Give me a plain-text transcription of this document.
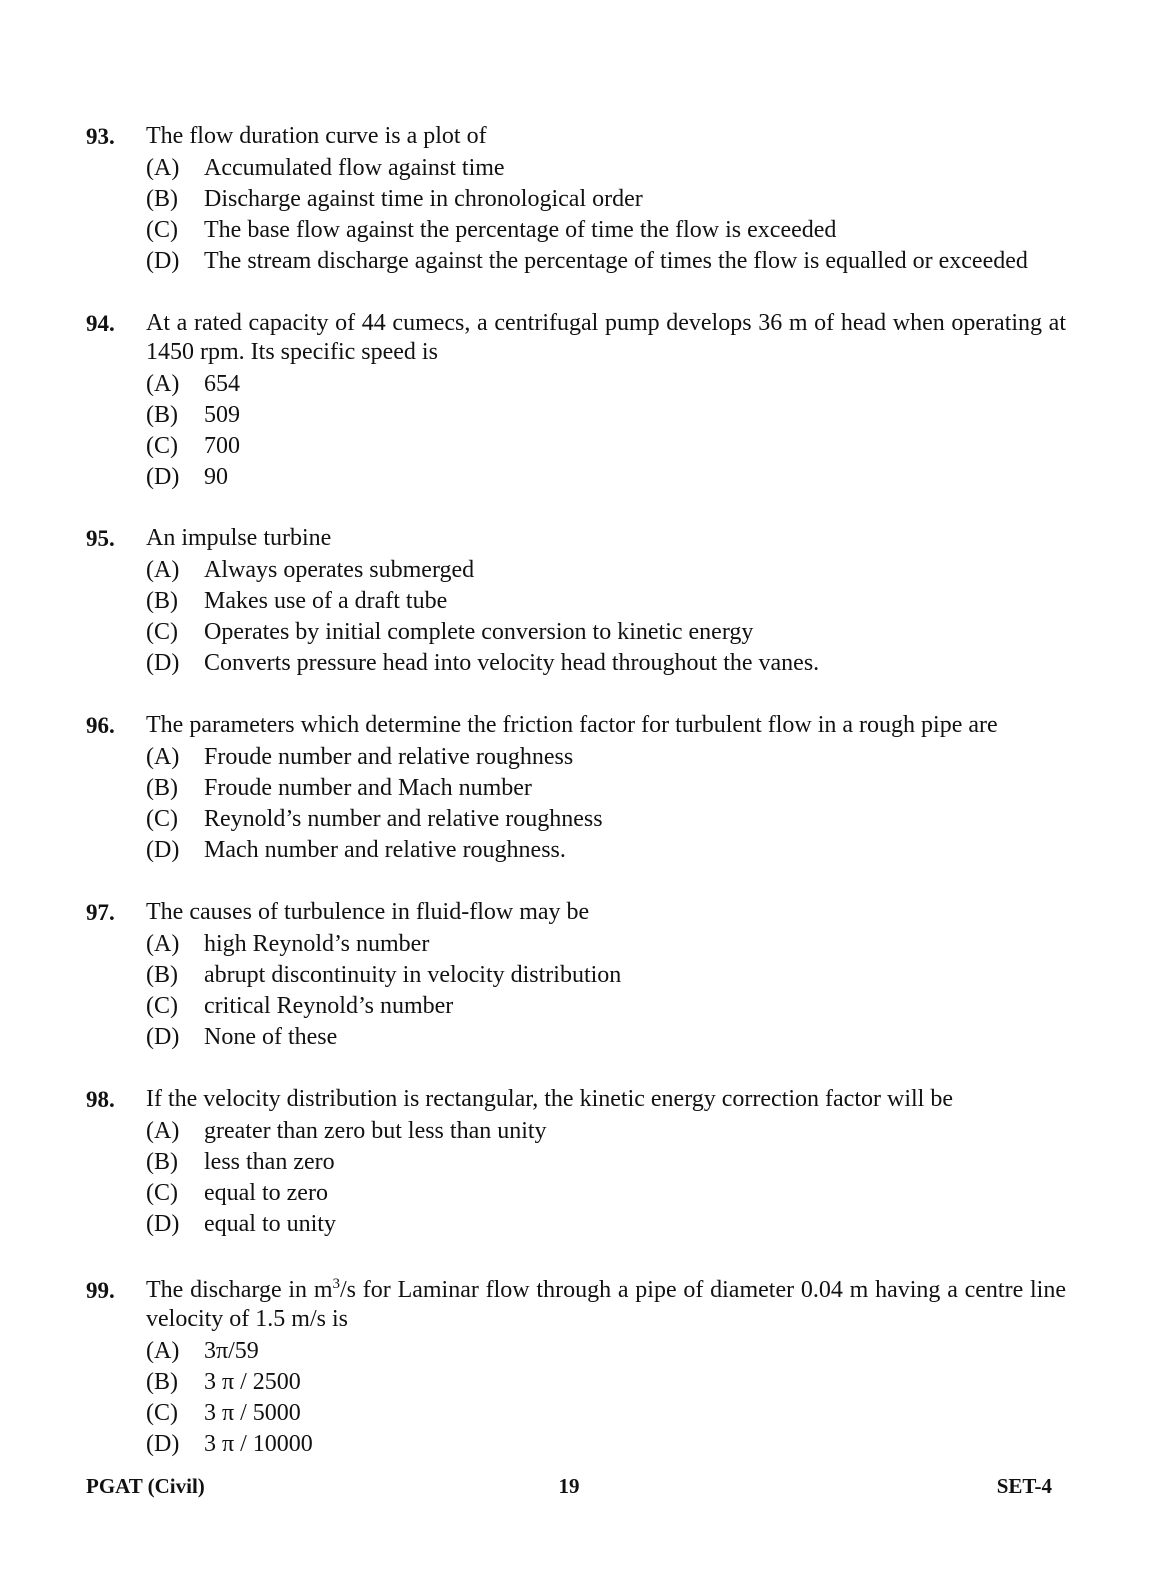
93. The flow duration curve is a plot of
(A) Accumulated flow against time
(B) Discharge against time in chronological order
(C) The base flow against the percentage of time the flow is exceeded
(D) The stream discharge against the percentage of times the flow is equalled or exceeded
94. At a rated capacity of 44 cumecs, a centrifugal pump develops 36 m of head when operating at 1450 rpm. Its specific speed is
(A) 654
(B) 509
(C) 700
(D) 90
95. An impulse turbine
(A) Always operates submerged
(B) Makes use of a draft tube
(C) Operates by initial complete conversion to kinetic energy
(D) Converts pressure head into velocity head throughout the vanes.
96. The parameters which determine the friction factor for turbulent flow in a rough pipe are
(A) Froude number and relative roughness
(B) Froude number and Mach number
(C) Reynold’s number and relative roughness
(D) Mach number and relative roughness.
97. The causes of turbulence in fluid-flow may be
(A) high Reynold’s number
(B) abrupt discontinuity in velocity distribution
(C) critical Reynold’s number
(D) None of these
98. If the velocity distribution is rectangular, the kinetic energy correction factor will be
(A) greater than zero but less than unity
(B) less than zero
(C) equal to zero
(D) equal to unity
99. The discharge in $m^3/s$ for Laminar flow through a pipe of diameter 0.04 m having a centre line velocity of 1.5 m/s is
(A) 3π/59
(B) 3 π / 2500
(C) 3 π / 5000
(D) 3 π / 10000
PGAT (Civil)	19	SET-4
